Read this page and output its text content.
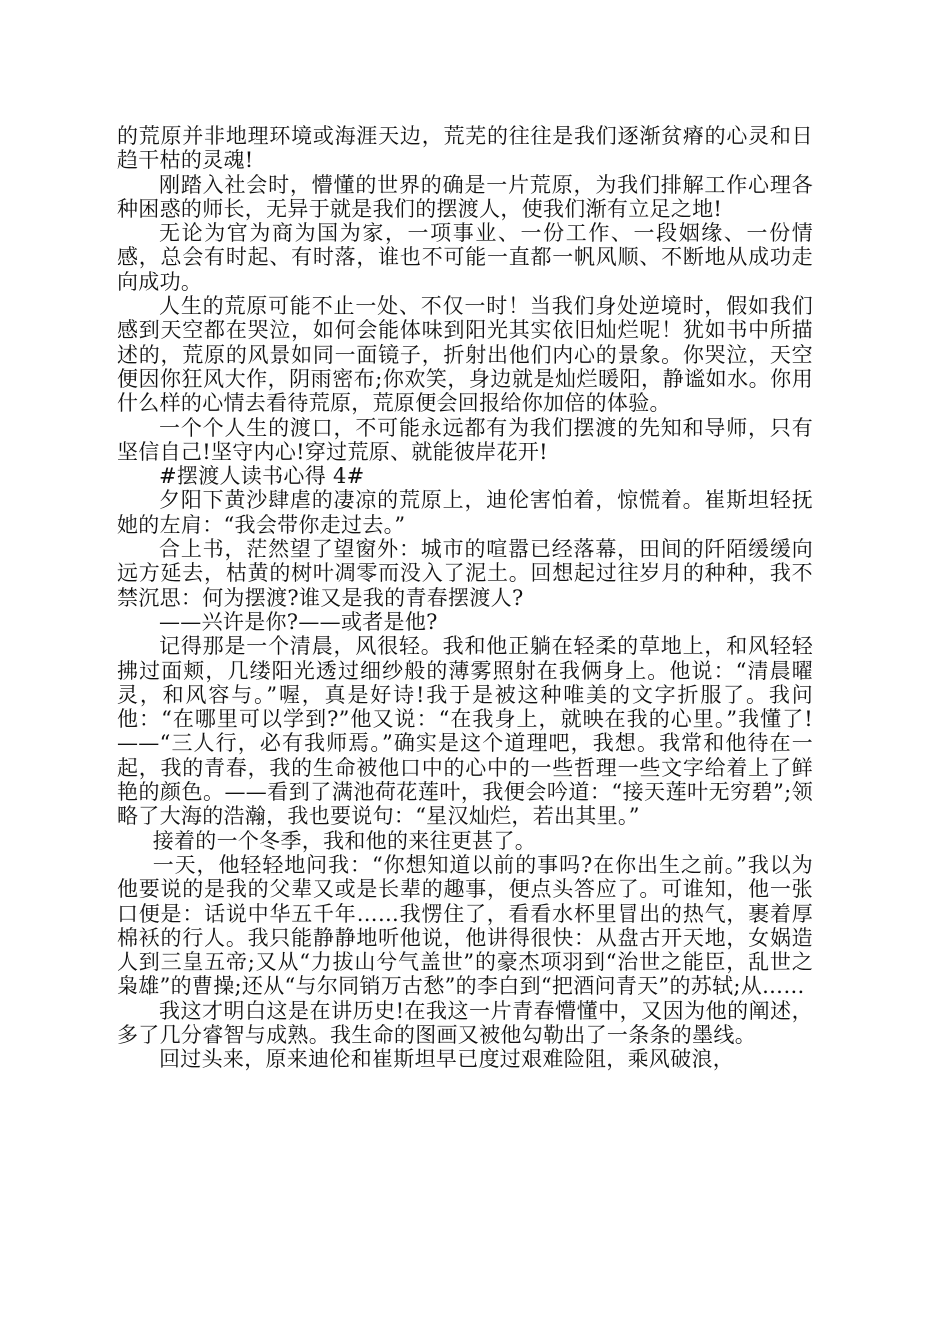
的荒原并非地理环境或海涯天边，荒芜的往往是我们逐渐贫瘠的心灵和日趋干枯的灵魂!

刚踏入社会时，懵懂的世界的确是一片荒原，为我们排解工作心理各种困惑的师长，无异于就是我们的摆渡人，使我们渐有立足之地!

无论为官为商为国为家，一项事业、一份工作、一段姻缘、一份情感，总会有时起、有时落，谁也不可能一直都一帆风顺、不断地从成功走向成功。

人生的荒原可能不止一处、不仅一时！当我们身处逆境时，假如我们感到天空都在哭泣，如何会能体味到阳光其实依旧灿烂呢！犹如书中所描述的，荒原的风景如同一面镜子，折射出他们内心的景象。你哭泣，天空便因你狂风大作，阴雨密布;你欢笑，身边就是灿烂暖阳，静谧如水。你用什么样的心情去看待荒原，荒原便会回报给你加倍的体验。

一个个人生的渡口，不可能永远都有为我们摆渡的先知和导师，只有坚信自己!坚守内心!穿过荒原、就能彼岸花开!

#摆渡人读书心得 4#

夕阳下黄沙肆虐的凄凉的荒原上，迪伦害怕着，惊慌着。崔斯坦轻抚她的左肩：“我会带你走过去。”

合上书，茫然望了望窗外：城市的喧嚣已经落幕，田间的阡陌缓缓向远方延去，枯黄的树叶凋零而没入了泥土。回想起过往岁月的种种，我不禁沉思：何为摆渡?谁又是我的青春摆渡人?

——兴许是你?——或者是他?

记得那是一个清晨，风很轻。我和他正躺在轻柔的草地上，和风轻轻拂过面颊，几缕阳光透过细纱般的薄雾照射在我俩身上。他说：“清晨曜灵，和风容与。”喔，真是好诗!我于是被这种唯美的文字折服了。我问他：“在哪里可以学到?”他又说：“在我身上，就映在我的心里。”我懂了!——“三人行，必有我师焉。”确实是这个道理吧，我想。我常和他待在一起，我的青春，我的生命被他口中的心中的一些哲理一些文字给着上了鲜艳的颜色。——看到了满池荷花莲叶，我便会吟道：“接天莲叶无穷碧”;领略了大海的浩瀚，我也要说句：“星汉灿烂，若出其里。”

接着的一个冬季，我和他的来往更甚了。

一天，他轻轻地问我：“你想知道以前的事吗?在你出生之前。”我以为他要说的是我的父辈又或是长辈的趣事，便点头答应了。可谁知，他一张口便是：话说中华五千年……我愣住了，看看水杯里冒出的热气，裹着厚棉袄的行人。我只能静静地听他说，他讲得很快：从盘古开天地，女娲造人到三皇五帝;又从“力拔山兮气盖世”的豪杰项羽到“治世之能臣，乱世之枭雄”的曹操;还从“与尔同销万古愁”的李白到“把酒问青天”的苏轼;从……

我这才明白这是在讲历史!在我这一片青春懵懂中，又因为他的阐述，多了几分睿智与成熟。我生命的图画又被他勾勒出了一条条的墨线。

回过头来，原来迪伦和崔斯坦早已度过艰难险阻，乘风破浪，
